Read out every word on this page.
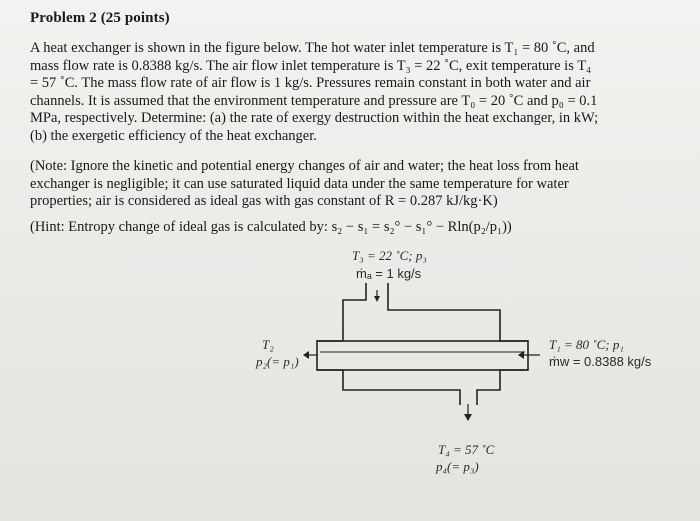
Problem 2 (25 points)
A heat exchanger is shown in the figure below. The hot water inlet temperature is T₁ = 80 ˚C, and
mass flow rate is 0.8388 kg/s. The air flow inlet temperature is T₃ = 22 ˚C, exit temperature is T₄
= 57 ˚C. The mass flow rate of air flow is 1 kg/s. Pressures remain constant in both water and air
channels. It is assumed that the environment temperature and pressure are T₀ = 20 ˚C and p₀ = 0.1
MPa, respectively. Determine: (a) the rate of exergy destruction within the heat exchanger, in kW;
(b) the exergetic efficiency of the heat exchanger.
(Note: Ignore the kinetic and potential energy changes of air and water; the heat loss from heat
exchanger is negligible; it can use saturated liquid data under the same temperature for water
properties; air is considered as ideal gas with gas constant of R = 0.287 kJ/kg·K)
(Hint: Entropy change of ideal gas is calculated by: s₂ − s₁ = s₂° − s₁° − Rln(p₂/p₁))
T₃ = 22 ˚C; p₃
ṁₐ = 1 kg/s
T₂
p₂(= p₁)
T₁ = 80 ˚C; p₁
ṁw = 0.8388 kg/s
T₄ = 57 ˚C
p₄(= p₃)
